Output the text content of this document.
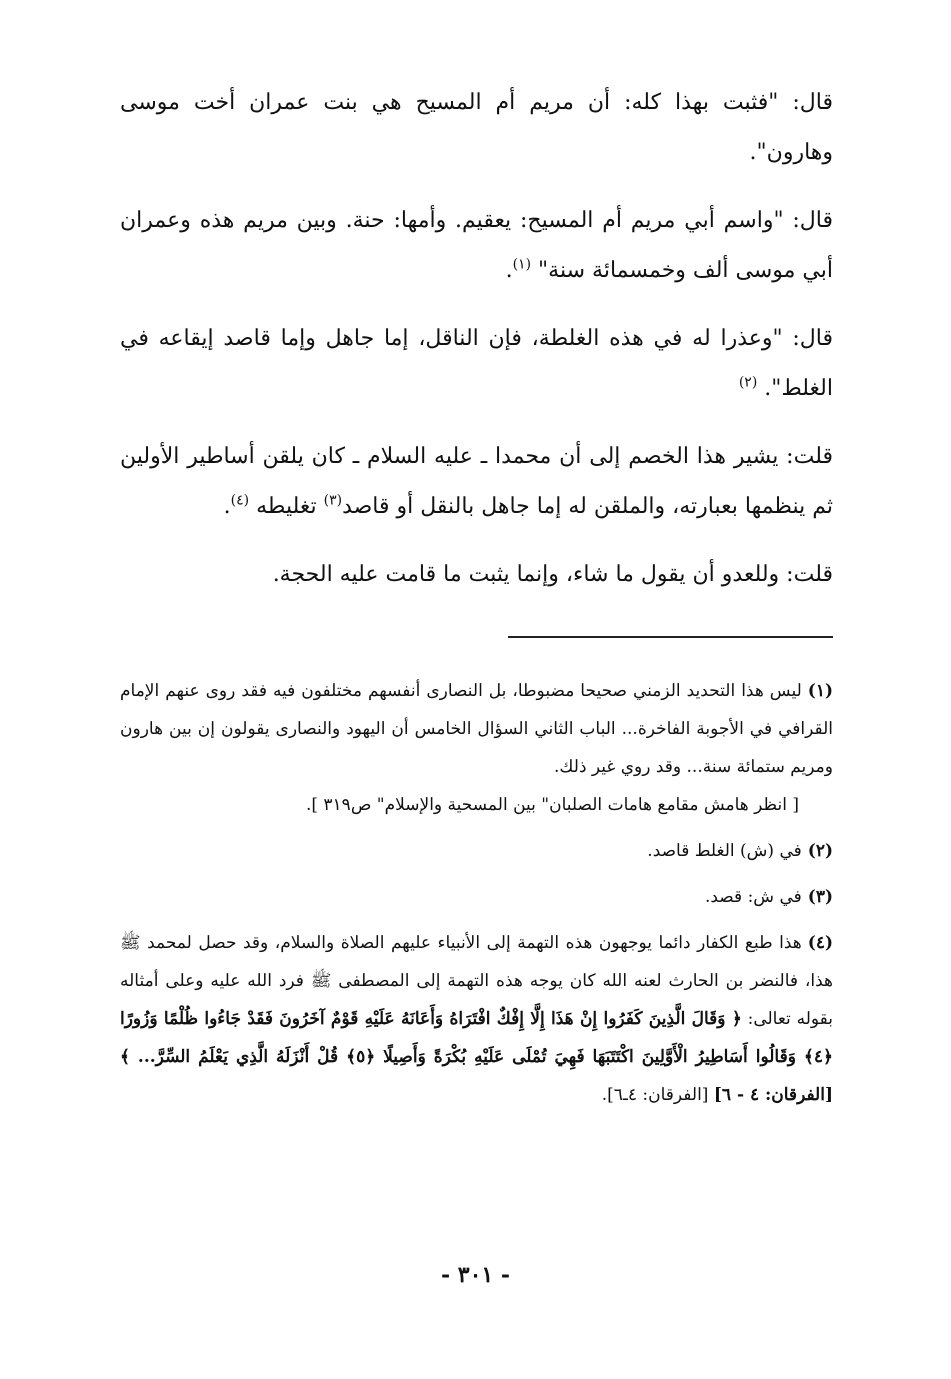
قال: "فثبت بهذا كله: أن مريم أم المسيح هي بنت عمران أخت موسى وهارون".

قال: "واسم أبي مريم أم المسيح: يعقيم. وأمها: حنة. وبين مريم هذه وعمران أبي موسى ألف وخمسمائة سنة" $^{(١)}$.

قال: "وعذرا له في هذه الغلطة، فإن الناقل، إما جاهل وإما قاصد إيقاعه في الغلط". $^{(٢)}$

قلت: يشير هذا الخصم إلى أن محمدا ـ عليه السلام ـ كان يلقن أساطير الأولين ثم ينظمها بعبارته، والملقن له إما جاهل بالنقل أو قاصد$^{(٣)}$ تغليطه $^{(٤)}$.

قلت: وللعدو أن يقول ما شاء، وإنما يثبت ما قامت عليه الحجة.

(١)ليس هذا التحديد الزمني صحيحا مضبوطا، بل النصارى أنفسهم مختلفون فيه فقد روى عنهم الإمام القرافي في الأجوبة الفاخرة... الباب الثاني السؤال الخامس أن اليهود والنصارى يقولون إن بين هارون ومريم ستمائة سنة... وقد روي غير ذلك.
[ انظر هامش مقامع هامات الصلبان" بين المسحية والإسلام" ص٣١٩ ].

(٢)في (ش) الغلط قاصد.

(٣)في ش: قصد.

(٤)هذا طبع الكفار دائما يوجهون هذه التهمة إلى الأنبياء عليهم الصلاة والسلام، وقد حصل لمحمد ﷺ هذا، فالنضر بن الحارث لعنه الله كان يوجه هذه التهمة إلى المصطفى ﷺ فرد الله عليه وعلى أمثاله بقوله تعالى: ﴿ وَقَالَ الَّذِينَ كَفَرُوا إِنْ هَذَا إِلَّا إِفْكٌ افْتَرَاهُ وَأَعَانَهُ عَلَيْهِ قَوْمٌ آخَرُونَ فَقَدْ جَاءُوا ظُلْمًا وَزُورًا ﴿٤﴾ وَقَالُوا أَسَاطِيرُ الْأَوَّلِينَ اكْتَتَبَهَا فَهِيَ تُمْلَى عَلَيْهِ بُكْرَةً وَأَصِيلًا ﴿٥﴾ قُلْ أَنْزَلَهُ الَّذِي يَعْلَمُ السِّرَّ... ﴾ [الفرقان: ٤ - ٦] [الفرقان: ٤ـ٦].

- ٣٠١ -
